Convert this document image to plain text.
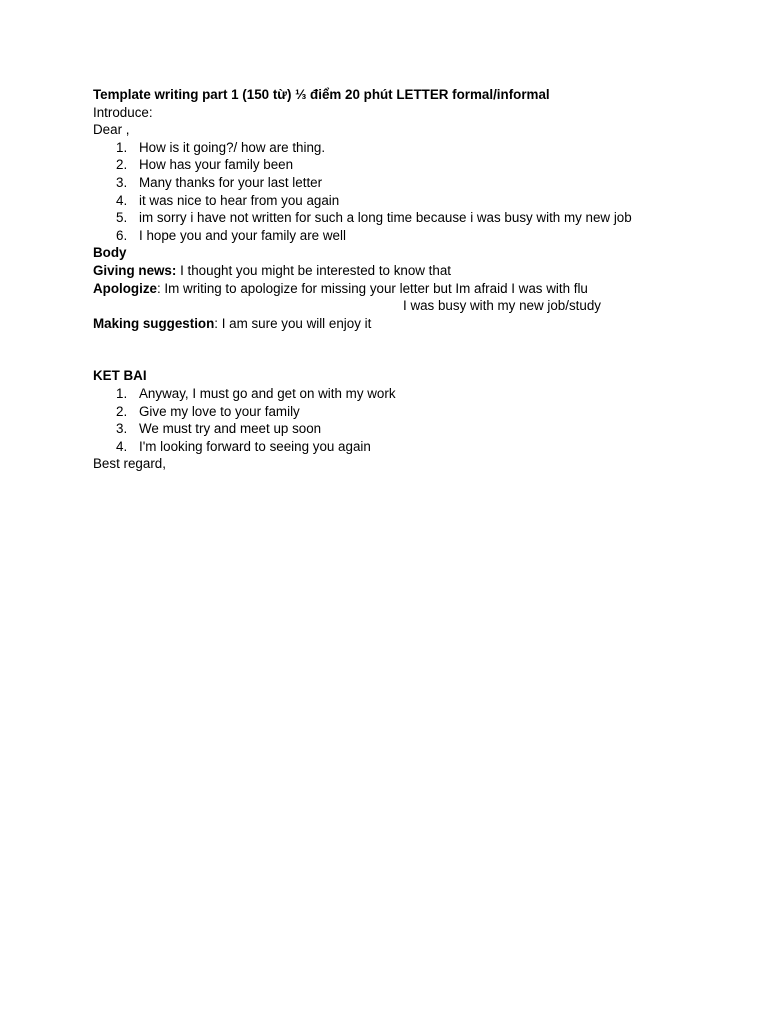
Template writing part 1 (150 từ) ⅓ điểm 20 phút LETTER formal/informal
Introduce:
Dear ,
1. How is it going?/ how are thing.
2. How has your family been
3. Many thanks for your last letter
4. it was nice to hear from you again
5. im sorry i have not written for such a long time because i was busy with my new job
6. I hope you and your family are well
Body
Giving news: I thought you might be interested to know that
Apologize: Im writing to apologize for missing your letter but Im afraid I was with flu
I was busy with my new job/study
Making suggestion: I am sure you will enjoy it
KET BAI
1. Anyway, I must go and get on with my work
2. Give my love to your family
3. We must try and meet up soon
4. I'm looking forward to seeing you again
Best regard,
